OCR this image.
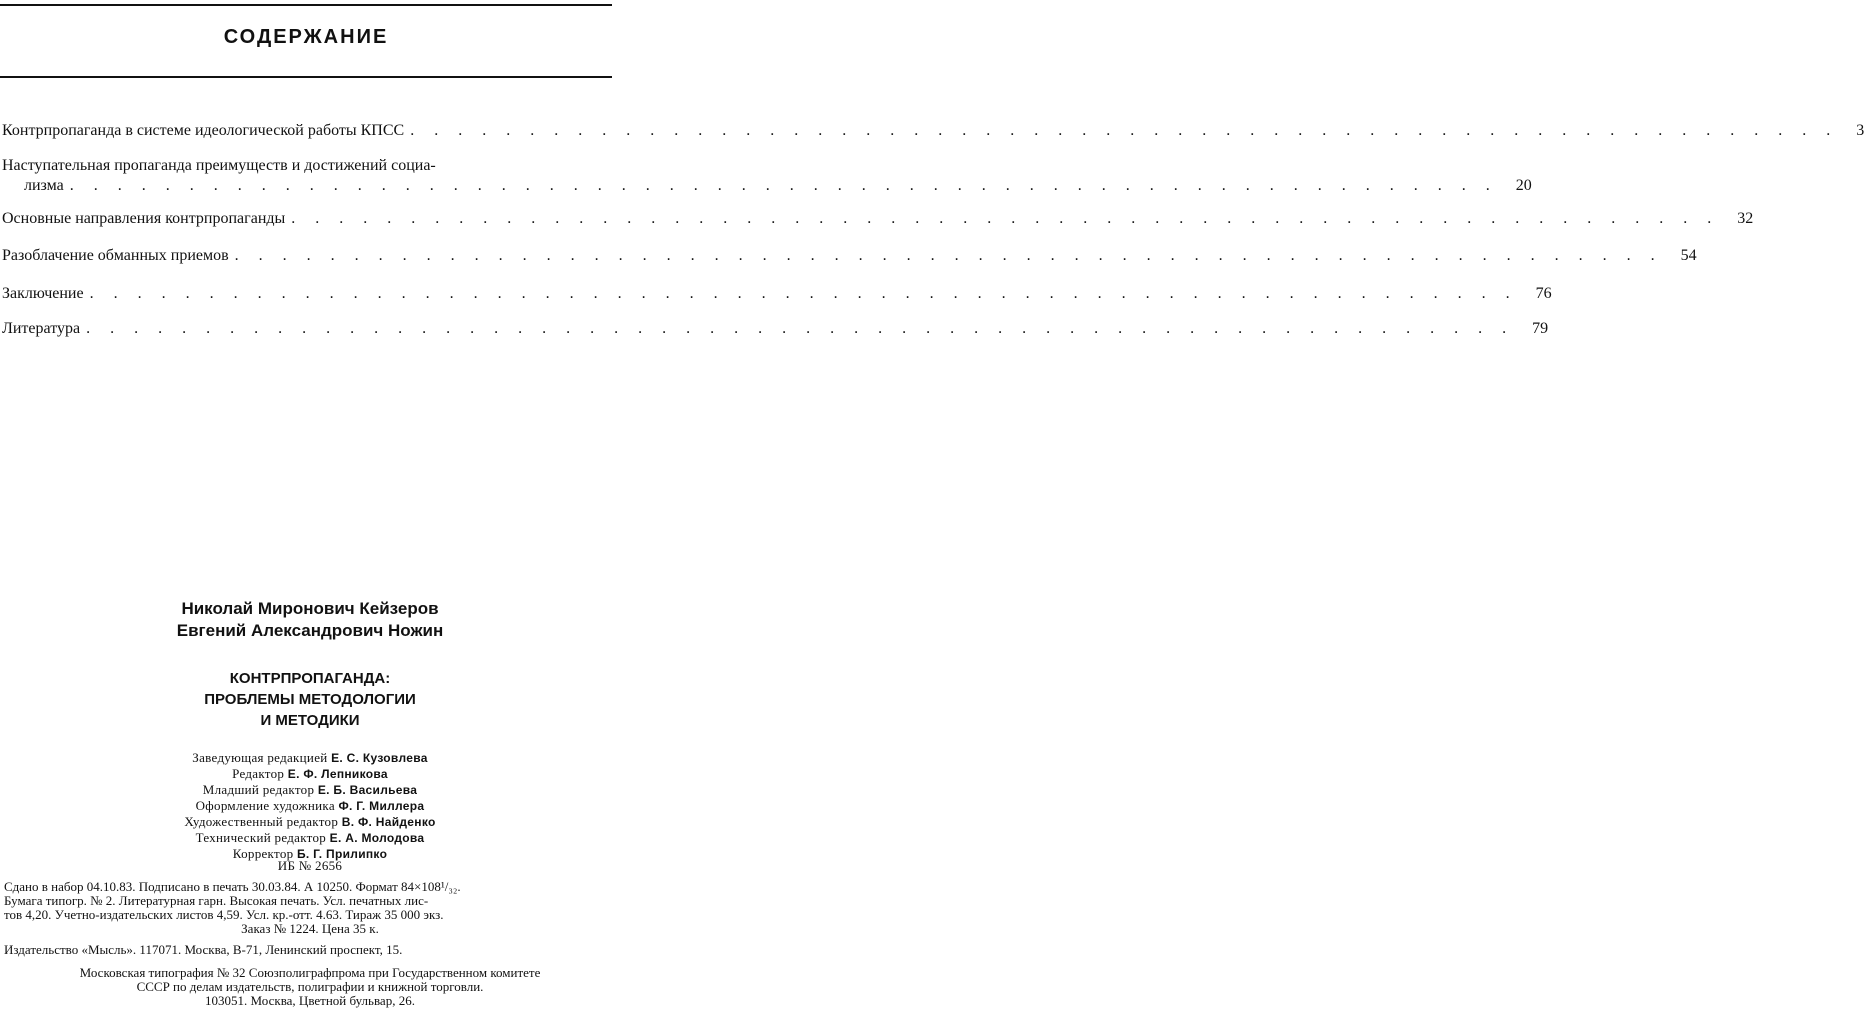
СОДЕРЖАНИЕ
Контрпропаганда в системе идеологической работы КПСС ............................................................ 3
Наступательная пропаганда преимуществ и достижений социа-
лизма ............................................................ 20
Основные направления контрпропаганды ............................................................ 32
Разоблачение обманных приемов ............................................................ 54
Заключение ............................................................ 76
Литература ............................................................ 79
Николай Миронович Кейзеров
Евгений Александрович Ножин
КОНТРПРОПАГАНДА:
ПРОБЛЕМЫ МЕТОДОЛОГИИ
И МЕТОДИКИ
Заведующая редакцией Е. С. Кузовлева
Редактор Е. Ф. Лепникова
Младший редактор Е. Б. Васильева
Оформление художника Ф. Г. Миллера
Художественный редактор В. Ф. Найденко
Технический редактор Е. А. Молодова
Корректор Б. Г. Прилипко
ИБ № 2656
Сдано в набор 04.10.83. Подписано в печать 30.03.84. А 10250. Формат 84×108¹/₃₂.
Бумага типогр. № 2. Литературная гарн. Высокая печать. Усл. печатных лис-
тов 4,20. Учетно-издательских листов 4,59. Усл. кр.-отт. 4.63. Тираж 35 000 экз.
Заказ № 1224. Цена 35 к.
Издательство «Мысль». 117071. Москва, В-71, Ленинский проспект, 15.
Московская типография № 32 Союзполиграфпрома при Государственном комитете
СССР по делам издательств, полиграфии и книжной торговли.
103051. Москва, Цветной бульвар, 26.
